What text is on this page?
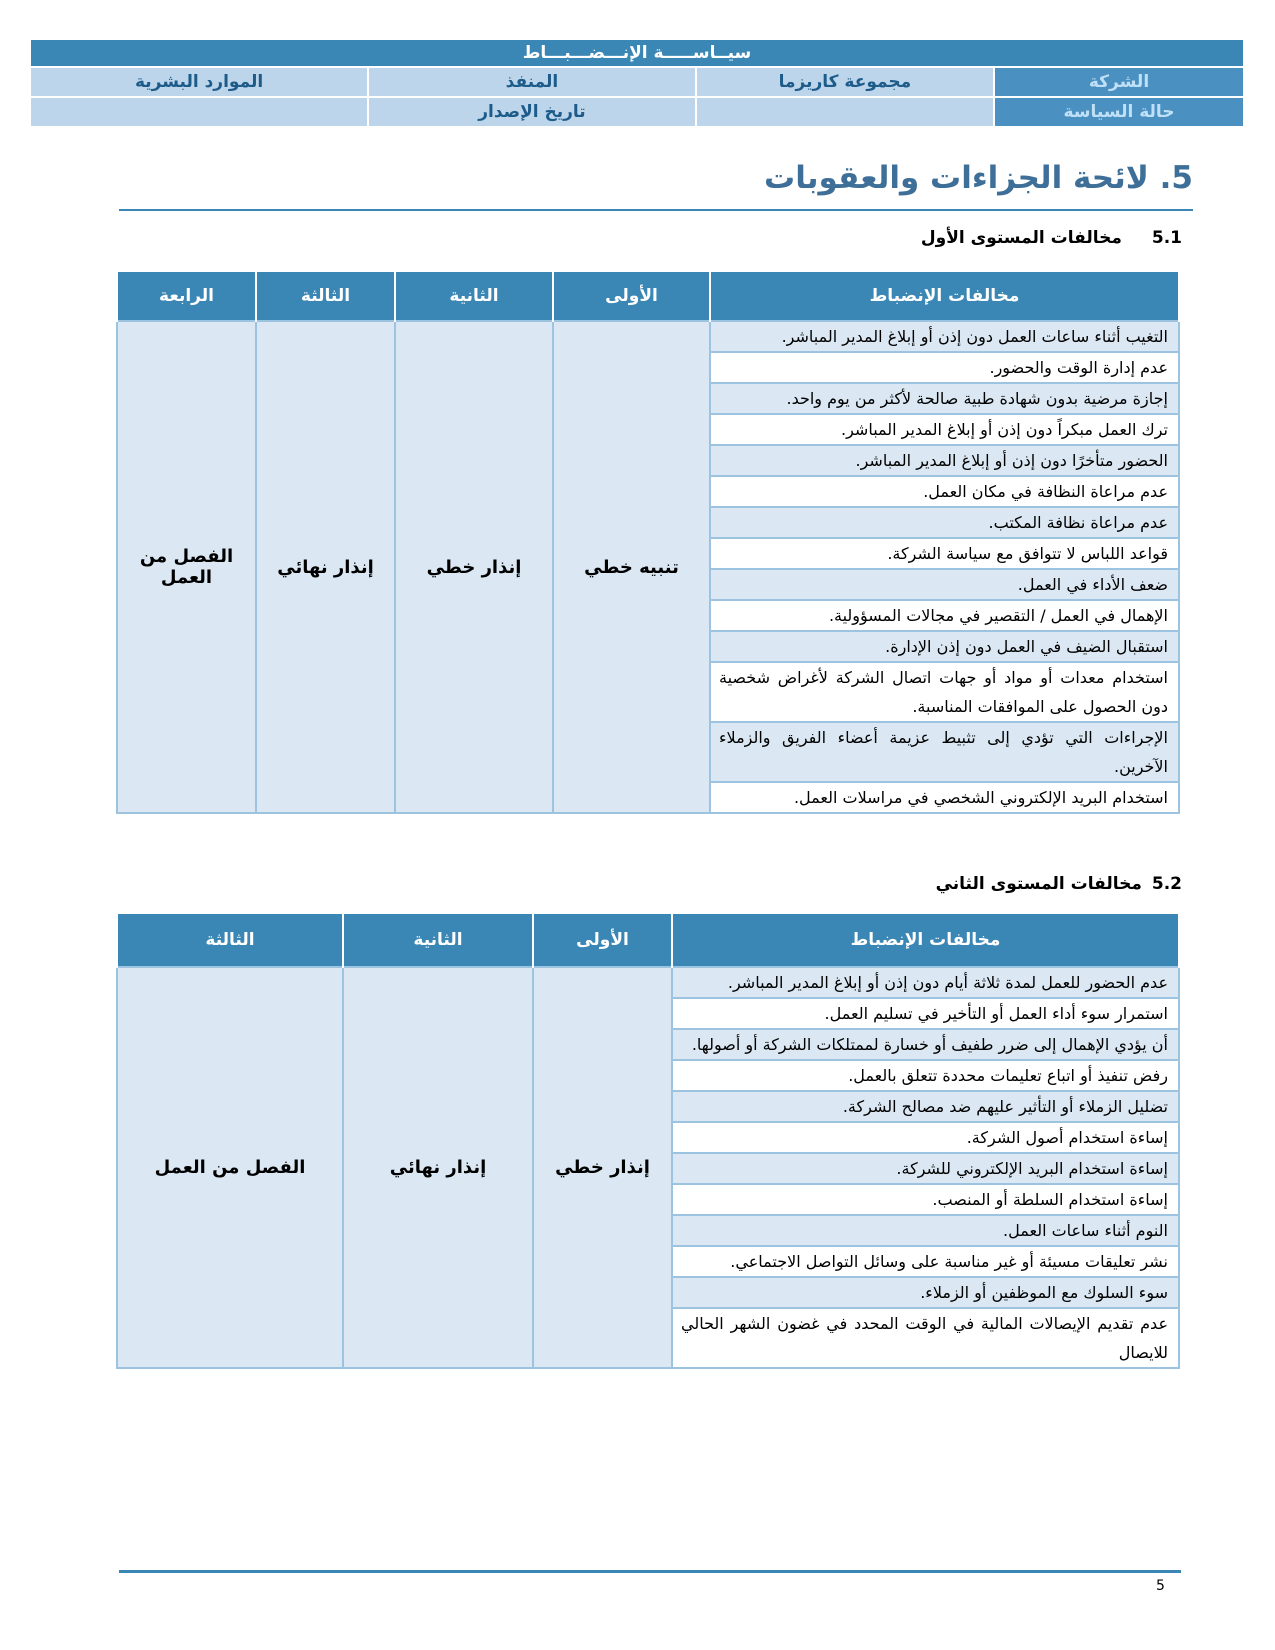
سيــاســـــة الإنـــضـــبـــاط			
الموارد البشرية	المنفذ	مجموعة كاريزما	الشركة
	تاريخ الإصدار		حالة السياسة
5. لائحة الجزاءات والعقوبات
5.1مخالفات المستوى الأول
الرابعة	الثالثة	الثانية	الأولى	مخالفات الإنضباط
الفصل من العمل	إنذار نهائي	إنذار خطي	تنبيه خطي	التغيب أثناء ساعات العمل دون إذن أو إبلاغ المدير المباشر.
				عدم إدارة الوقت والحضور.
				إجازة مرضية بدون شهادة طبية صالحة لأكثر من يوم واحد.
				ترك العمل مبكراً دون إذن أو إبلاغ المدير المباشر.
				الحضور متأخرًا دون إذن أو إبلاغ المدير المباشر.
				عدم مراعاة النظافة في مكان العمل.
				عدم مراعاة نظافة المكتب.
				قواعد اللباس لا تتوافق مع سياسة الشركة.
				ضعف الأداء في العمل.
				الإهمال في العمل / التقصير في مجالات المسؤولية.
				استقبال الضيف في العمل دون إذن الإدارة.
				استخدام معدات أو مواد أو جهات اتصال الشركة لأغراض شخصية دون الحصول على الموافقات المناسبة.
				الإجراءات التي تؤدي إلى تثبيط عزيمة أعضاء الفريق والزملاء الآخرين.
				استخدام البريد الإلكتروني الشخصي في مراسلات العمل.
5.2مخالفات المستوى الثاني
الثالثة	الثانية	الأولى	مخالفات الإنضباط
الفصل من العمل	إنذار نهائي	إنذار خطي	عدم الحضور للعمل لمدة ثلاثة أيام دون إذن أو إبلاغ المدير المباشر.
			استمرار سوء أداء العمل أو التأخير في تسليم العمل.
			أن يؤدي الإهمال إلى ضرر طفيف أو خسارة لممتلكات الشركة أو أصولها.
			رفض تنفيذ أو اتباع تعليمات محددة تتعلق بالعمل.
			تضليل الزملاء أو التأثير عليهم ضد مصالح الشركة.
			إساءة استخدام أصول الشركة.
			إساءة استخدام البريد الإلكتروني للشركة.
			إساءة استخدام السلطة أو المنصب.
			النوم أثناء ساعات العمل.
			نشر تعليقات مسيئة أو غير مناسبة على وسائل التواصل الاجتماعي.
			سوء السلوك مع الموظفين أو الزملاء.
			عدم تقديم الإيصالات المالية في الوقت المحدد في غضون الشهر الحالي للايصال
5
